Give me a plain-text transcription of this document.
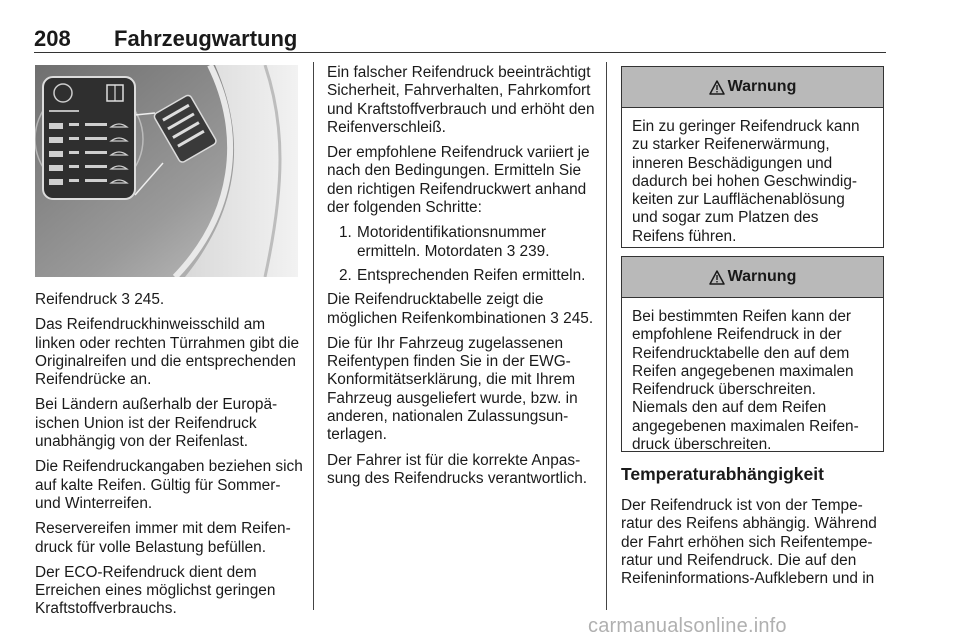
208 Fahrzeugwartung

Reifendruck 3 245.

Das Reifendruckhinweisschild am linken oder rechten Türrahmen gibt die Originalreifen und die entsprechenden Reifendrücke an.

Bei Ländern außerhalb der Europäischen Union ist der Reifendruck unabhängig von der Reifenlast.

Die Reifendruckangaben beziehen sich auf kalte Reifen. Gültig für Sommer- und Winterreifen.

Reservereifen immer mit dem Reifendruck für volle Belastung befüllen.

Der ECO-Reifendruck dient dem Erreichen eines möglichst geringen Kraftstoffverbrauchs.

Ein falscher Reifendruck beeinträchtigt Sicherheit, Fahrverhalten, Fahrkomfort und Kraftstoffverbrauch und erhöht den Reifenverschleiß.

Der empfohlene Reifendruck variiert je nach den Bedingungen. Ermitteln Sie den richtigen Reifendruckwert anhand der folgenden Schritte:

1. Motoridentifikationsnummer ermitteln. Motordaten 3 239.
2. Entsprechenden Reifen ermitteln.

Die Reifendrucktabelle zeigt die möglichen Reifenkombinationen 3 245.

Die für Ihr Fahrzeug zugelassenen Reifentypen finden Sie in der EWG-Konformitätserklärung, die mit Ihrem Fahrzeug ausgeliefert wurde, bzw. in anderen, nationalen Zulassungsunterlagen.

Der Fahrer ist für die korrekte Anpassung des Reifendrucks verantwortlich.

Warnung
Ein zu geringer Reifendruck kann zu starker Reifenerwärmung, inneren Beschädigungen und dadurch bei hohen Geschwindigkeiten zur Laufflächenablösung und sogar zum Platzen des Reifens führen.
Warnung
Bei bestimmten Reifen kann der empfohlene Reifendruck in der Reifendrucktabelle den auf dem Reifen angegebenen maximalen Reifendruck überschreiten. Niemals den auf dem Reifen angegebenen maximalen Reifendruck überschreiten.
Temperaturabhängigkeit

Der Reifendruck ist von der Temperatur des Reifens abhängig. Während der Fahrt erhöhen sich Reifentemperatur und Reifendruck. Die auf den Reifeninformations-Aufklebern und in

carmanualsonline.info
